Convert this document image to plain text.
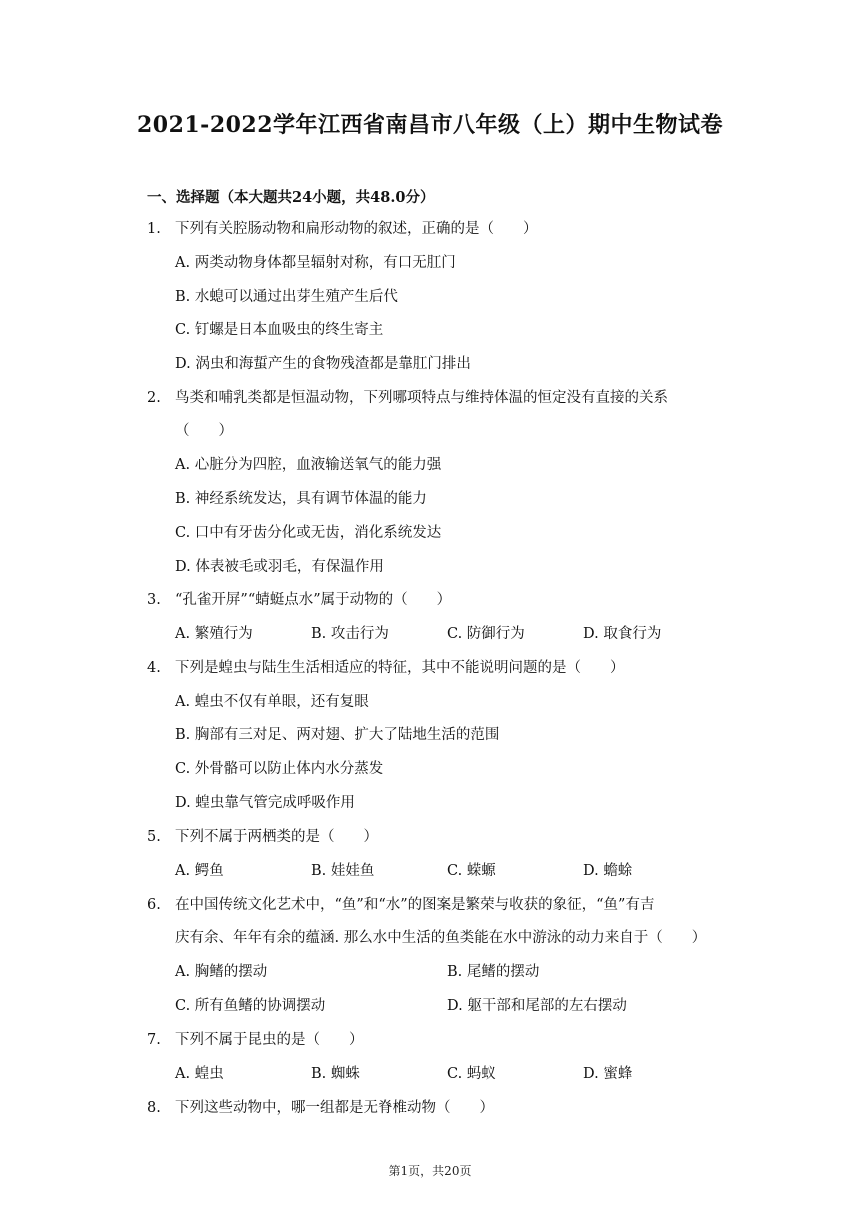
2021-2022学年江西省南昌市八年级（上）期中生物试卷
一、选择题（本大题共24小题，共48.0分）
1. 下列有关腔肠动物和扁形动物的叙述，正确的是（　　）
A. 两类动物身体都呈辐射对称，有口无肛门
B. 水螅可以通过出芽生殖产生后代
C. 钉螺是日本血吸虫的终生寄主
D. 涡虫和海蜇产生的食物残渣都是靠肛门排出
2. 鸟类和哺乳类都是恒温动物，下列哪项特点与维持体温的恒定没有直接的关系
（　　）
A. 心脏分为四腔，血液输送氧气的能力强
B. 神经系统发达，具有调节体温的能力
C. 口中有牙齿分化或无齿，消化系统发达
D. 体表被毛或羽毛，有保温作用
3. “孔雀开屏”“蜻蜓点水”属于动物的（　　）
A. 繁殖行为	B. 攻击行为	C. 防御行为	D. 取食行为
4. 下列是蝗虫与陆生生活相适应的特征，其中不能说明问题的是（　　）
A. 蝗虫不仅有单眼，还有复眼
B. 胸部有三对足、两对翅、扩大了陆地生活的范围
C. 外骨骼可以防止体内水分蒸发
D. 蝗虫靠气管完成呼吸作用
5. 下列不属于两栖类的是（　　）
A. 鳄鱼	B. 娃娃鱼	C. 蝾螈	D. 蟾蜍
6. 在中国传统文化艺术中，“鱼”和“水”的图案是繁荣与收获的象征，“鱼”有吉
庆有余、年年有余的蕴涵. 那么水中生活的鱼类能在水中游泳的动力来自于（　　）
A. 胸鳍的摆动	B. 尾鳍的摆动
C. 所有鱼鳍的协调摆动	D. 躯干部和尾部的左右摆动
7. 下列不属于昆虫的是（　　）
A. 蝗虫	B. 蜘蛛	C. 蚂蚁	D. 蜜蜂
8. 下列这些动物中，哪一组都是无脊椎动物（　　）
第1页，共20页
